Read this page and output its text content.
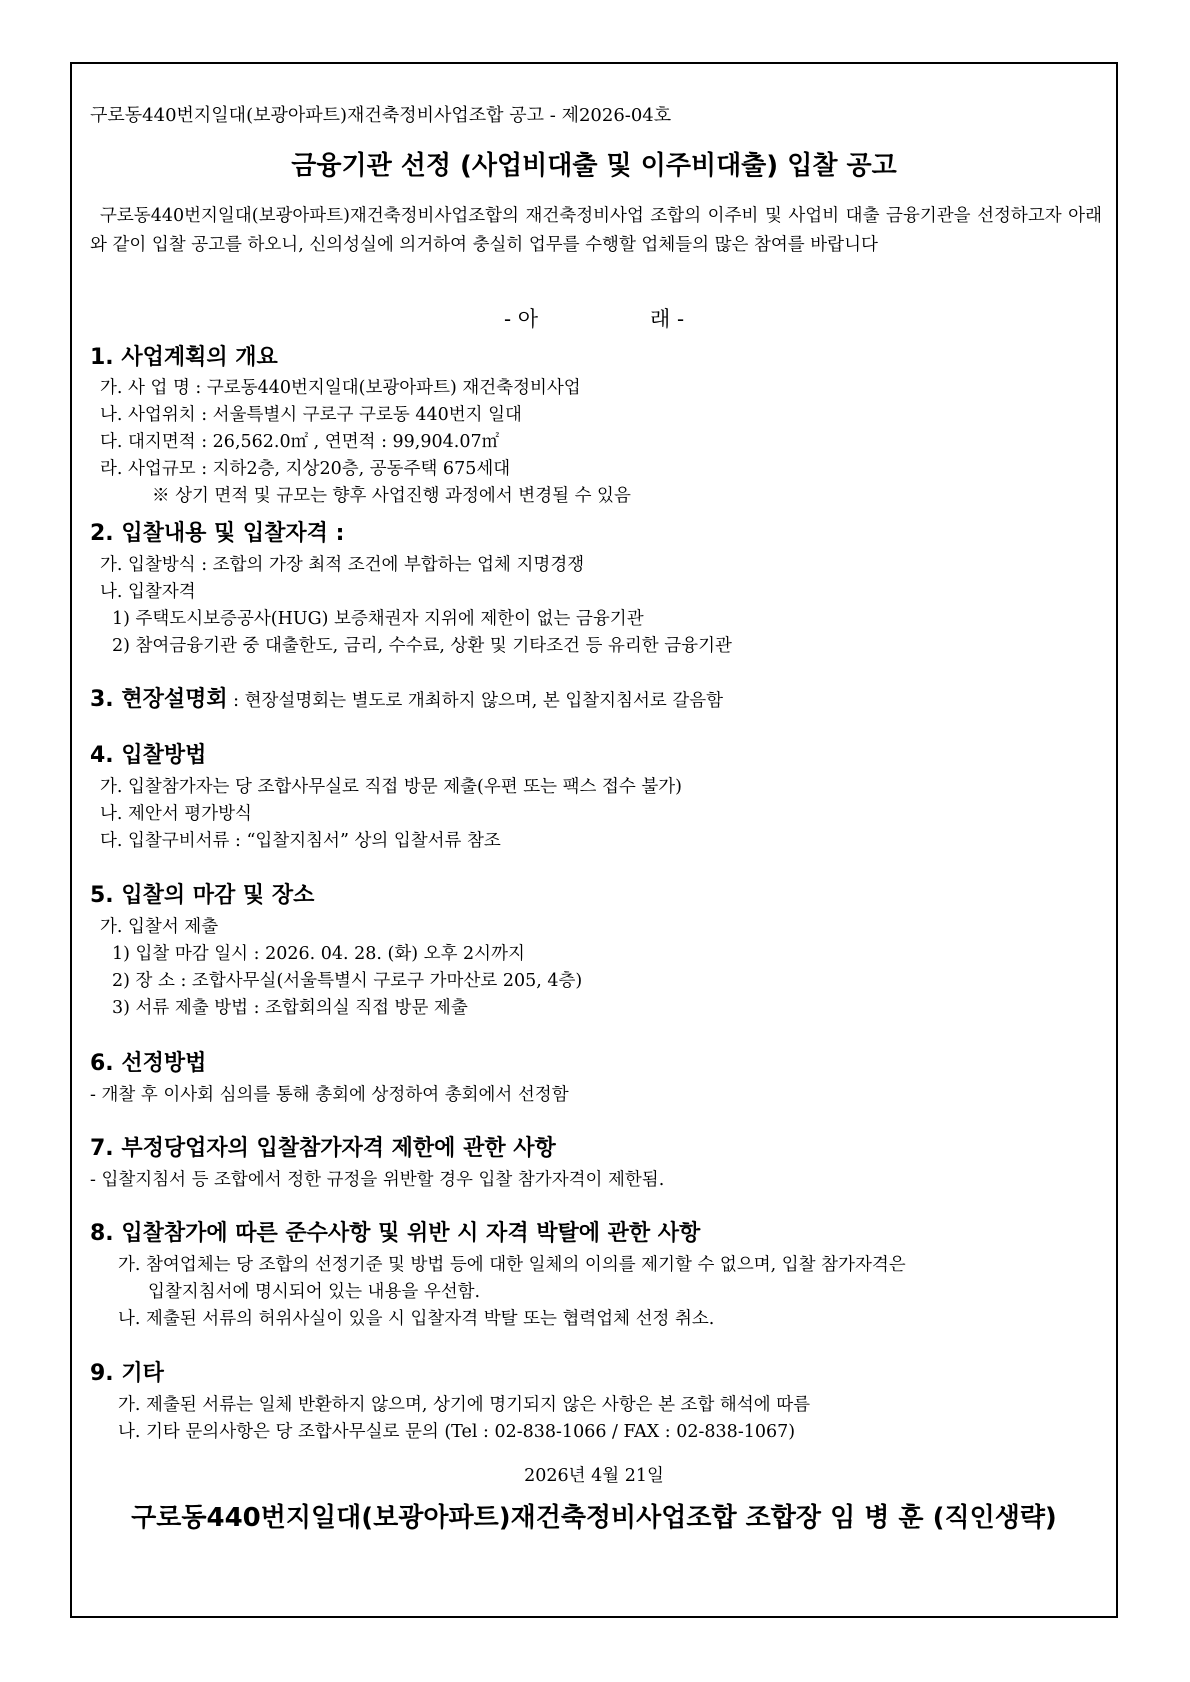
구로동440번지일대(보광아파트)재건축정비사업조합 공고 - 제2026-04호
금융기관 선정 (사업비대출 및 이주비대출) 입찰 공고
구로동440번지일대(보광아파트)재건축정비사업조합의 재건축정비사업 조합의 이주비 및 사업비 대출 금융기관을 선정하고자 아래와 같이 입찰 공고를 하오니, 신의성실에 의거하여 충실히 업무를 수행할 업체들의 많은 참여를 바랍니다
- 아	래 -
1. 사업계획의 개요
가. 사 업 명 : 구로동440번지일대(보광아파트) 재건축정비사업
나. 사업위치 : 서울특별시 구로구 구로동 440번지 일대
다. 대지면적 : 26,562.0㎡ , 연면적 : 99,904.07㎡
라. 사업규모 : 지하2층, 지상20층, 공동주택 675세대
※ 상기 면적 및 규모는 향후 사업진행 과정에서 변경될 수 있음
2. 입찰내용 및 입찰자격 :
가. 입찰방식 : 조합의 가장 최적 조건에 부합하는 업체 지명경쟁
나. 입찰자격
1) 주택도시보증공사(HUG) 보증채권자 지위에 제한이 없는 금융기관
2) 참여금융기관 중 대출한도, 금리, 수수료, 상환 및 기타조건 등 유리한 금융기관
3. 현장설명회 : 현장설명회는 별도로 개최하지 않으며, 본 입찰지침서로 갈음함
4. 입찰방법
가. 입찰참가자는 당 조합사무실로 직접 방문 제출(우편 또는 팩스 접수 불가)
나. 제안서 평가방식
다. 입찰구비서류 : “입찰지침서” 상의 입찰서류 참조
5. 입찰의 마감 및 장소
가. 입찰서 제출
1) 입찰 마감 일시 : 2026. 04. 28. (화) 오후 2시까지
2) 장 소 : 조합사무실(서울특별시 구로구 가마산로 205, 4층)
3) 서류 제출 방법 : 조합회의실 직접 방문 제출
6. 선정방법
- 개찰 후 이사회 심의를 통해 총회에 상정하여 총회에서 선정함
7. 부정당업자의 입찰참가자격 제한에 관한 사항
- 입찰지침서 등 조합에서 정한 규정을 위반할 경우 입찰 참가자격이 제한됨.
8. 입찰참가에 따른 준수사항 및 위반 시 자격 박탈에 관한 사항
가. 참여업체는 당 조합의 선정기준 및 방법 등에 대한 일체의 이의를 제기할 수 없으며, 입찰 참가자격은
입찰지침서에 명시되어 있는 내용을 우선함.
나. 제출된 서류의 허위사실이 있을 시 입찰자격 박탈 또는 협력업체 선정 취소.
9. 기타
가. 제출된 서류는 일체 반환하지 않으며, 상기에 명기되지 않은 사항은 본 조합 해석에 따름
나. 기타 문의사항은 당 조합사무실로 문의 (Tel : 02-838-1066 / FAX : 02-838-1067)
2026년 4월 21일
구로동440번지일대(보광아파트)재건축정비사업조합 조합장 임 병 훈 (직인생략)
